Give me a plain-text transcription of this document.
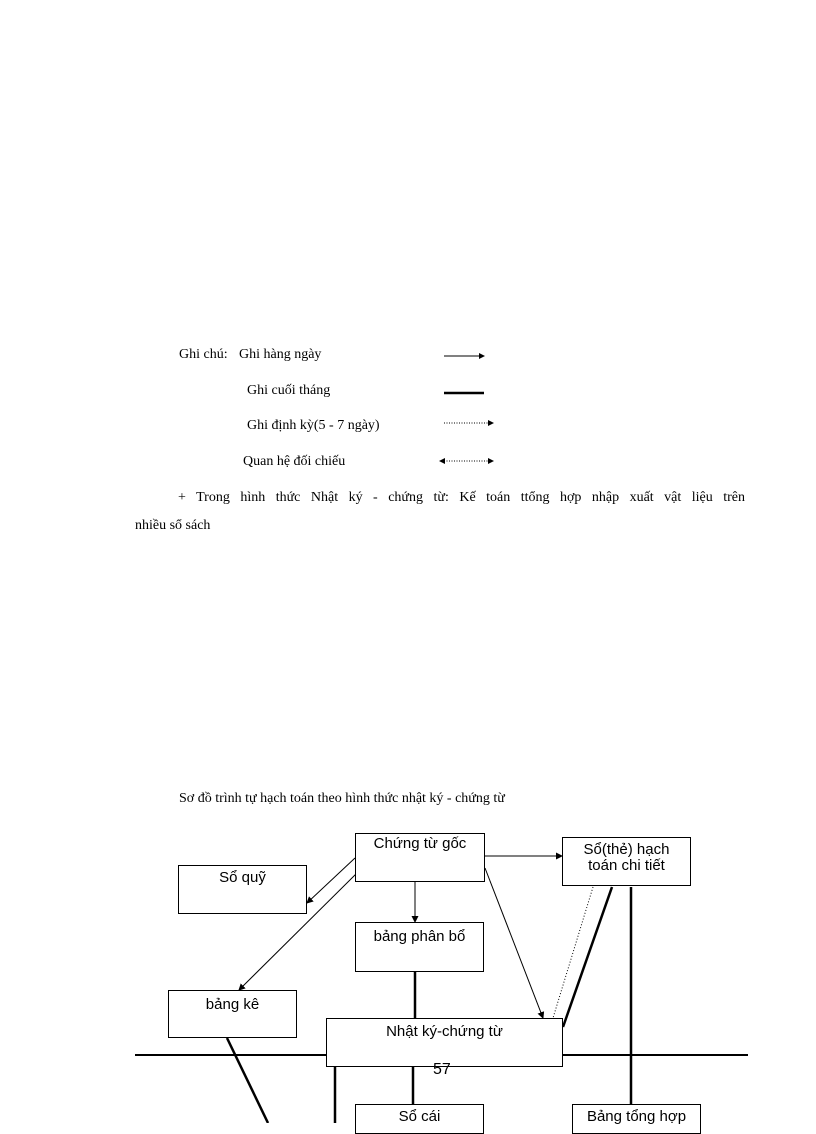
Ghi chú: Ghi hàng ngày
Ghi cuối tháng
Ghi định kỳ(5 - 7 ngày)
Quan hệ đối chiếu
+ Trong hình thức Nhật ký - chứng từ: Kế toán ttổng hợp nhập xuất vật liệu trên
nhiều sổ sách
Sơ đồ trình tự hạch toán theo hình thức nhật ký - chứng từ
Chứng từ gốc
Sổ quỹ
Sổ(thẻ) hạch
toán chi tiết
bảng phân bổ
bảng kê
Nhật ký-chứng từ
Sổ cái	Bảng tổng hợp
57
